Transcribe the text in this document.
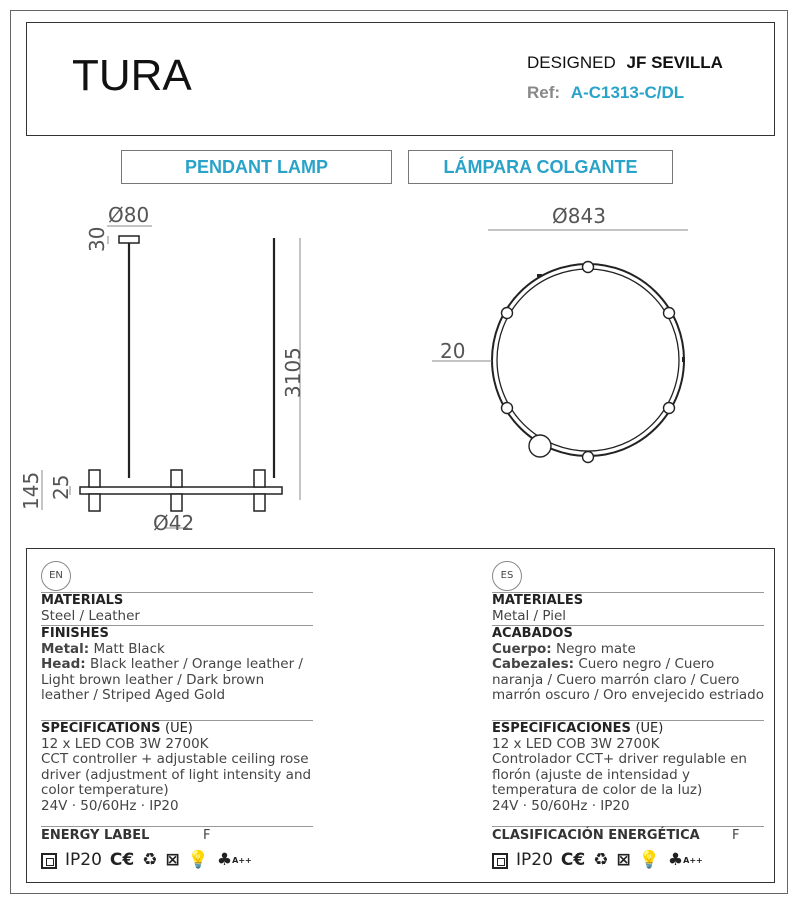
TURA	DESIGNED JF SEVILLA
Ref: A-C1313-C/DL
PENDANT LAMP	LÁMPARA COLGANTE
Ø80
30
3105
145 25
Ø42
Ø843
20
EN
MATERIALS
Steel / Leather
FINISHES
Metal: Matt Black
Head: Black leather / Orange leather / Light brown leather / Dark brown leather / Striped Aged Gold
SPECIFICATIONS (UE)
12 x LED COB 3W 2700K
CCT controller + adjustable ceiling rose driver (adjustment of light intensity and color temperature)
24V · 50/60Hz · IP20
ENERGY LABEL	F
IP20 C€ ♻ ⊠ 💡 ♣A++
ES
MATERIALES
Metal / Piel
ACABADOS
Cuerpo: Negro mate
Cabezales: Cuero negro / Cuero naranja / Cuero marrón claro / Cuero marrón oscuro / Oro envejecido estriado
ESPECIFICACIONES (UE)
12 x LED COB 3W 2700K
Controlador CCT+ driver regulable en florón (ajuste de intensidad y temperatura de color de la luz)
24V · 50/60Hz · IP20
CLASIFICACIÓN ENERGÉTICA F
IP20 C€ ♻ ⊠ 💡 ♣A++
